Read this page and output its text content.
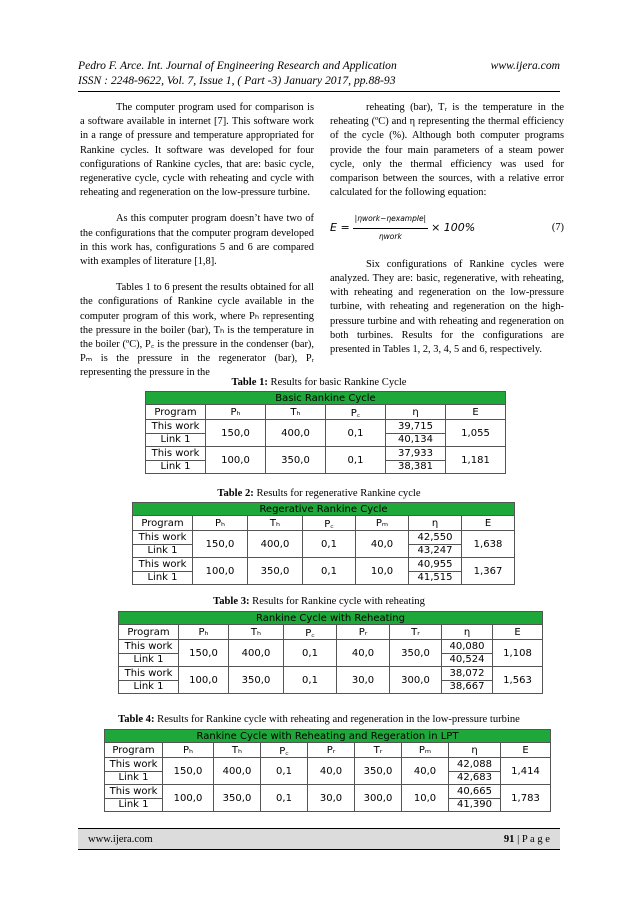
Pedro F. Arce. Int. Journal of Engineering Research and Application	www.ijera.com
ISSN : 2248-9622, Vol. 7, Issue 1, ( Part -3) January 2017, pp.88-93

The computer program used for comparison is a software available in internet [7]. This software work in a range of pressure and temperature appropriated for Rankine cycles. It software was developed for four configurations of Rankine cycles, that are: basic cycle, regenerative cycle, cycle with reheating and cycle with reheating and regeneration on the low-pressure turbine.

As this computer program doesn’t have two of the configurations that the computer program developed in this work has, configurations 5 and 6 are compared with examples of literature [1,8].

Tables 1 to 6 present the results obtained for all the configurations of Rankine cycle available in the computer program of this work, where Pₕ representing the pressure in the boiler (bar), Tₕ is the temperature in the boiler (ºC), P꜀ is the pressure in the condenser (bar), Pₘ is the pressure in the regenerator (bar), Pᵣ representing the pressure in the

reheating (bar), Tᵣ is the temperature in the reheating (ºC) and η representing the thermal efficiency of the cycle (%). Although both computer programs provide the four main parameters of a steam power cycle, only the thermal efficiency was used for comparison between the sources, with a relative error calculated for the following equation:

$E = \frac{\text{|ηwork−ηexample|}}{\text{ηwork}} \times 100\%$	(7)

Six configurations of Rankine cycles were analyzed. They are: basic, regenerative, with reheating, with reheating and regeneration on the low-pressure turbine, with reheating and regeneration on the high-pressure turbine and with reheating and regeneration on both turbines. Results for the configurations are presented in Tables 1, 2, 3, 4, 5 and 6, respectively.

Table 1: Results for basic Rankine Cycle
Basic Rankine Cycle					
Program	Pₕ	Tₕ	P꜀	η	E
This work	150,0	400,0	0,1	39,715	1,055
Link 1				40,134	
This work	100,0	350,0	0,1	37,933	1,181
Link 1				38,381	
Table 2: Results for regenerative Rankine cycle
Regerative Rankine Cycle						
Program	Pₕ	Tₕ	P꜀	Pₘ	η	E
This work	150,0	400,0	0,1	40,0	42,550	1,638
Link 1					43,247	
This work	100,0	350,0	0,1	10,0	40,955	1,367
Link 1					41,515	
Table 3: Results for Rankine cycle with reheating
Rankine Cycle with Reheating							
Program	Pₕ	Tₕ	P꜀	Pᵣ	Tᵣ	η	E
This work	150,0	400,0	0,1	40,0	350,0	40,080	1,108
Link 1						40,524	
This work	100,0	350,0	0,1	30,0	300,0	38,072	1,563
Link 1						38,667	
Table 4: Results for Rankine cycle with reheating and regeneration in the low-pressure turbine
Rankine Cycle with Reheating and Regeration in LPT								
Program	Pₕ	Tₕ	P꜀	Pᵣ	Tᵣ	Pₘ	η	E
This work	150,0	400,0	0,1	40,0	350,0	40,0	42,088	1,414
Link 1							42,683	
This work	100,0	350,0	0,1	30,0	300,0	10,0	40,665	1,783
Link 1							41,390	
www.ijera.com	91 | P a g e
